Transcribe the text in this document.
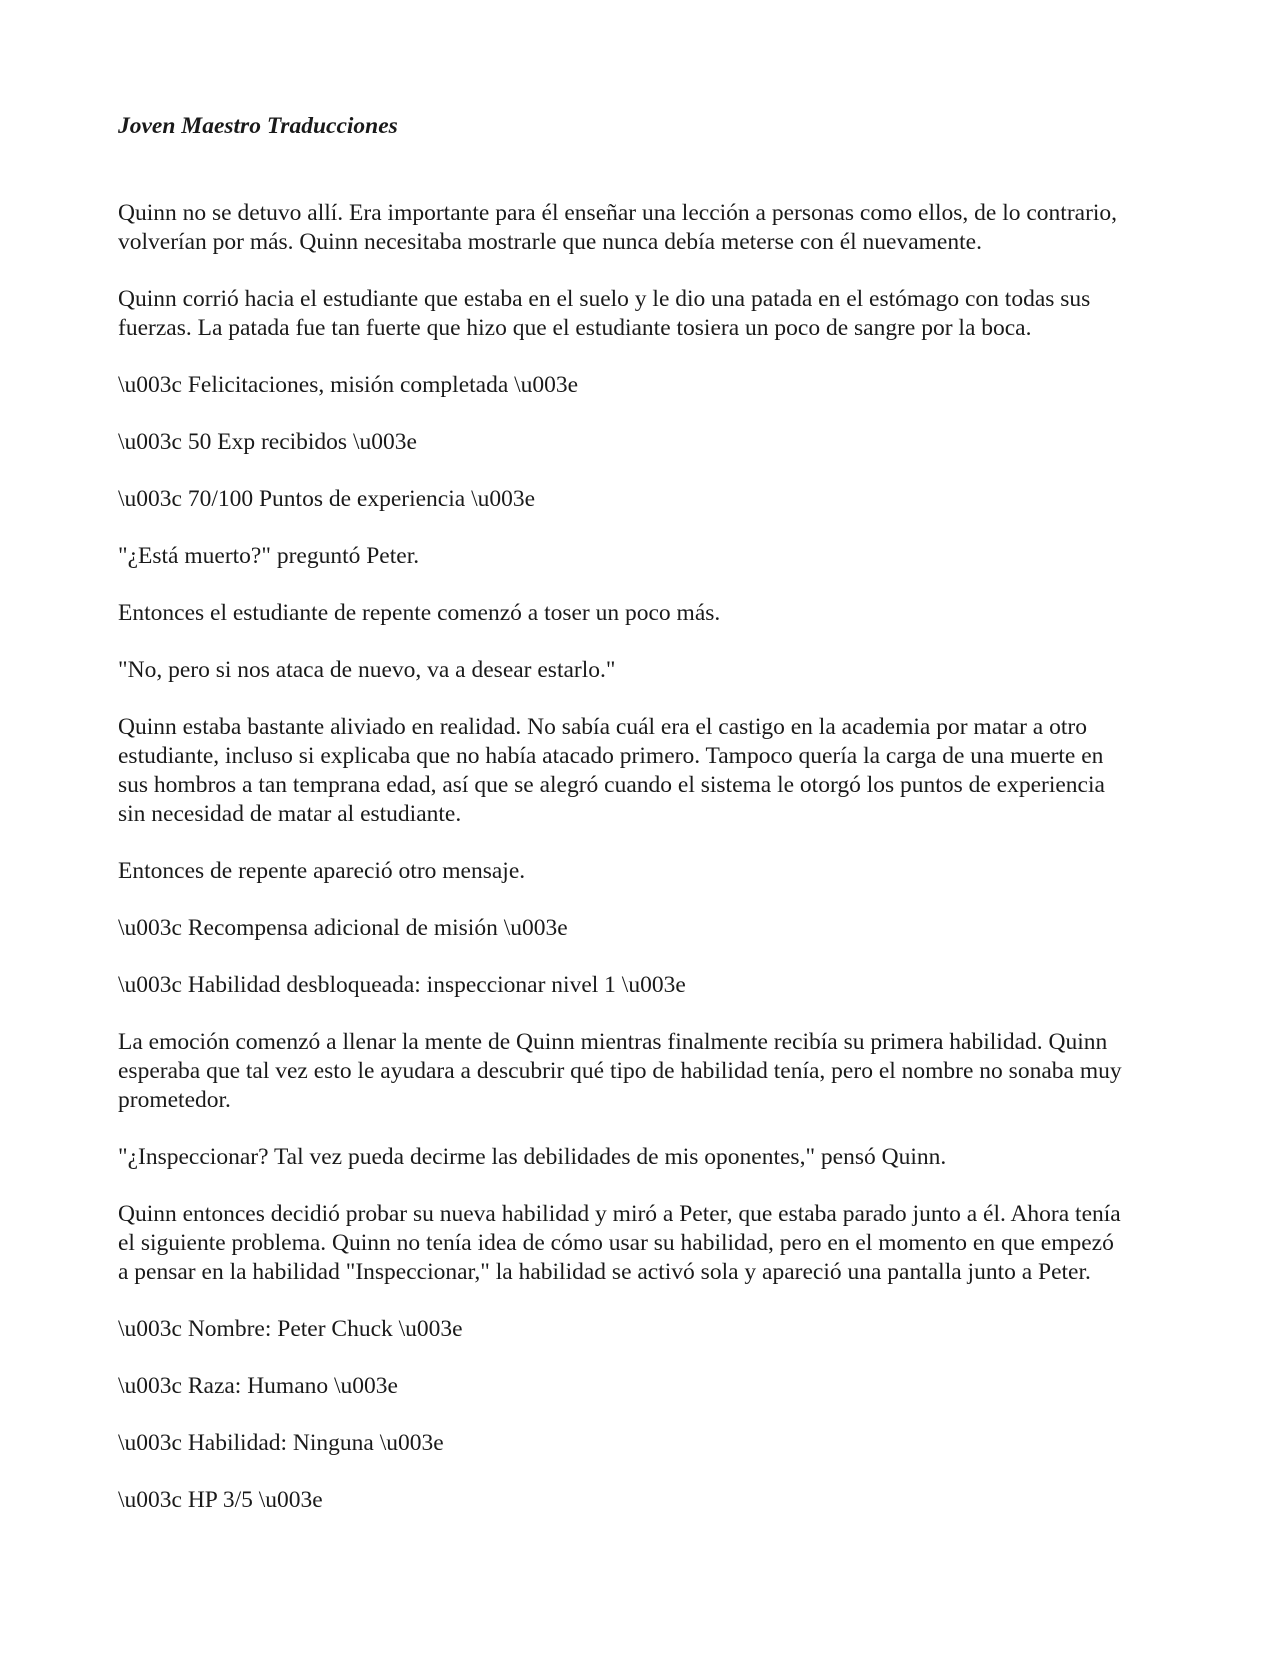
Joven Maestro Traducciones
Quinn no se detuvo allí. Era importante para él enseñar una lección a personas como ellos, de lo contrario,
volverían por más. Quinn necesitaba mostrarle que nunca debía meterse con él nuevamente.
Quinn corrió hacia el estudiante que estaba en el suelo y le dio una patada en el estómago con todas sus
fuerzas. La patada fue tan fuerte que hizo que el estudiante tosiera un poco de sangre por la boca.
\u003c Felicitaciones, misión completada \u003e
\u003c 50 Exp recibidos \u003e
\u003c 70/100 Puntos de experiencia \u003e
"¿Está muerto?" preguntó Peter.
Entonces el estudiante de repente comenzó a toser un poco más.
"No, pero si nos ataca de nuevo, va a desear estarlo."
Quinn estaba bastante aliviado en realidad. No sabía cuál era el castigo en la academia por matar a otro
estudiante, incluso si explicaba que no había atacado primero. Tampoco quería la carga de una muerte en
sus hombros a tan temprana edad, así que se alegró cuando el sistema le otorgó los puntos de experiencia
sin necesidad de matar al estudiante.
Entonces de repente apareció otro mensaje.
\u003c Recompensa adicional de misión \u003e
\u003c Habilidad desbloqueada: inspeccionar nivel 1 \u003e
La emoción comenzó a llenar la mente de Quinn mientras finalmente recibía su primera habilidad. Quinn
esperaba que tal vez esto le ayudara a descubrir qué tipo de habilidad tenía, pero el nombre no sonaba muy
prometedor.
"¿Inspeccionar? Tal vez pueda decirme las debilidades de mis oponentes," pensó Quinn.
Quinn entonces decidió probar su nueva habilidad y miró a Peter, que estaba parado junto a él. Ahora tenía
el siguiente problema. Quinn no tenía idea de cómo usar su habilidad, pero en el momento en que empezó
a pensar en la habilidad "Inspeccionar," la habilidad se activó sola y apareció una pantalla junto a Peter.
\u003c Nombre: Peter Chuck \u003e
\u003c Raza: Humano \u003e
\u003c Habilidad: Ninguna \u003e
\u003c HP 3/5 \u003e
